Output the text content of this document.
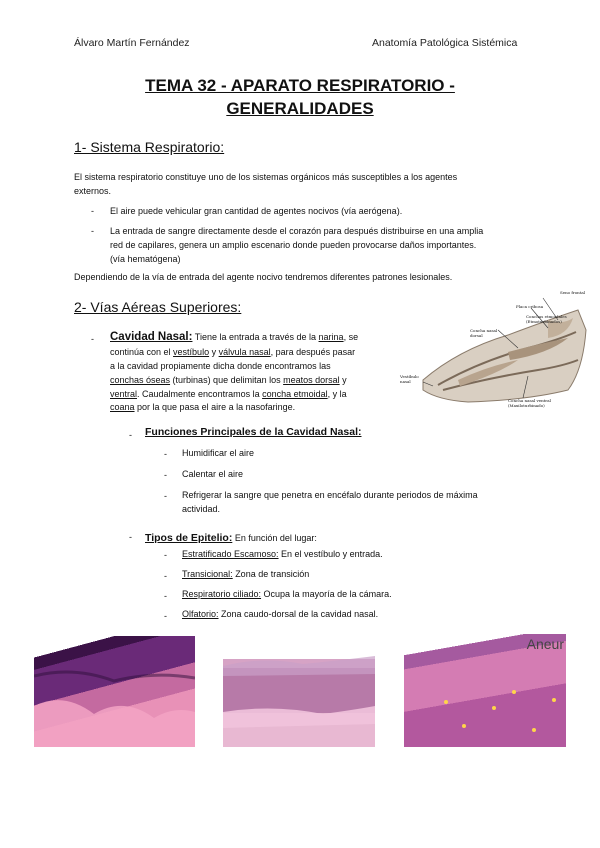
Álvaro Martín Fernández	Anatomía Patológica Sistémica
TEMA 32 - APARATO RESPIRATORIO -
GENERALIDADES
1- Sistema Respiratorio:
El sistema respiratorio constituye uno de los sistemas orgánicos más susceptibles a los agentes
externos.
- El aire puede vehicular gran cantidad de agentes nocivos (vía aerógena).
- La entrada de sangre directamente desde el corazón para después distribuirse en una amplia
red de capilares, genera un amplio escenario donde pueden provocarse daños importantes.
(vía hematógena)
Dependiendo de la vía de entrada del agente nocivo tendremos diferentes patrones lesionales.
2- Vías Aéreas Superiores:
- Cavidad Nasal: Tiene la entrada a través de la narina, se
continúa con el vestíbulo y válvula nasal, para después pasar
a la cavidad propiamente dicha donde encontramos las
conchas óseas (turbinas) que delimitan los meatos dorsal y
ventral. Caudalmente encontramos la concha etmoidal, y la
coana por la que pasa el aire a la nasofaringe.
Seno frontal
Placa cribosa
Conchas etmoidales (Etmoturbinados)
Concha nasal dorsal
Vestíbulo nasal
Concha nasal ventral (Maxiloturbinado)
- Funciones Principales de la Cavidad Nasal:
- Humidificar el aire
- Calentar el aire
- Refrigerar la sangre que penetra en encéfalo durante periodos de máxima
actividad.
- Tipos de Epitelio: En función del lugar:
- Estratificado Escamoso: En el vestíbulo y entrada.
- Transicional: Zona de transición
- Respiratorio ciliado: Ocupa la mayoría de la cámara.
- Olfatorio: Zona caudo-dorsal de la cavidad nasal.
Aneur
